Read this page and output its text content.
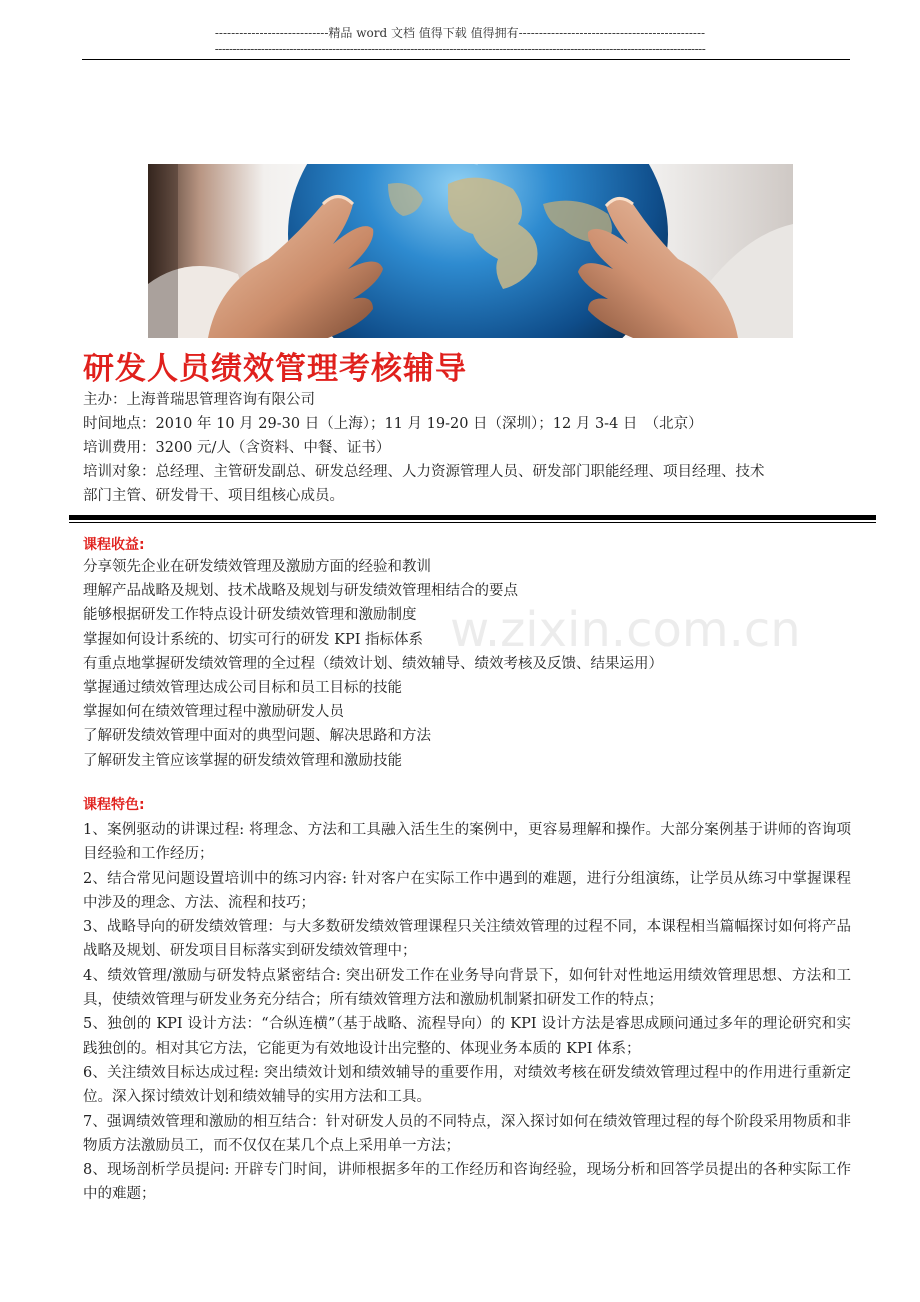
----------------------------精品 word 文档 值得下载 值得拥有----------------------------------------------
------------------------------------------------------------------------------------------------------------------------------------------
研发人员绩效管理考核辅导
主办：上海普瑞思管理咨询有限公司
时间地点：2010 年 10 月 29-30 日（上海）；11 月 19-20 日（深圳）；12 月 3-4 日　（北京）
培训费用：3200 元/人（含资料、中餐、证书）
培训对象：总经理、主管研发副总、研发总经理、人力资源管理人员、研发部门职能经理、项目经理、技术
部门主管、研发骨干、项目组核心成员。
w.zixin.com.cn
课程收益:
分享领先企业在研发绩效管理及激励方面的经验和教训
理解产品战略及规划、技术战略及规划与研发绩效管理相结合的要点
能够根据研发工作特点设计研发绩效管理和激励制度
掌握如何设计系统的、切实可行的研发 KPI 指标体系
有重点地掌握研发绩效管理的全过程（绩效计划、绩效辅导、绩效考核及反馈、结果运用）
掌握通过绩效管理达成公司目标和员工目标的技能
掌握如何在绩效管理过程中激励研发人员
了解研发绩效管理中面对的典型问题、解决思路和方法
了解研发主管应该掌握的研发绩效管理和激励技能
课程特色:
1、案例驱动的讲课过程: 将理念、方法和工具融入活生生的案例中，更容易理解和操作。大部分案例基于讲师的咨询项目经验和工作经历；
2、结合常见问题设置培训中的练习内容: 针对客户在实际工作中遇到的难题，进行分组演练，让学员从练习中掌握课程中涉及的理念、方法、流程和技巧；
3、战略导向的研发绩效管理：与大多数研发绩效管理课程只关注绩效管理的过程不同，本课程相当篇幅探讨如何将产品战略及规划、研发项目目标落实到研发绩效管理中；
4、绩效管理/激励与研发特点紧密结合: 突出研发工作在业务导向背景下，如何针对性地运用绩效管理思想、方法和工具，使绩效管理与研发业务充分结合；所有绩效管理方法和激励机制紧扣研发工作的特点；
5、独创的 KPI 设计方法：“合纵连横”（基于战略、流程导向）的 KPI 设计方法是睿思成顾问通过多年的理论研究和实践独创的。相对其它方法，它能更为有效地设计出完整的、体现业务本质的 KPI 体系；
6、关注绩效目标达成过程: 突出绩效计划和绩效辅导的重要作用，对绩效考核在研发绩效管理过程中的作用进行重新定位。深入探讨绩效计划和绩效辅导的实用方法和工具。
7、强调绩效管理和激励的相互结合：针对研发人员的不同特点，深入探讨如何在绩效管理过程的每个阶段采用物质和非物质方法激励员工，而不仅仅在某几个点上采用单一方法；
8、现场剖析学员提问: 开辟专门时间，讲师根据多年的工作经历和咨询经验，现场分析和回答学员提出的各种实际工作中的难题；
